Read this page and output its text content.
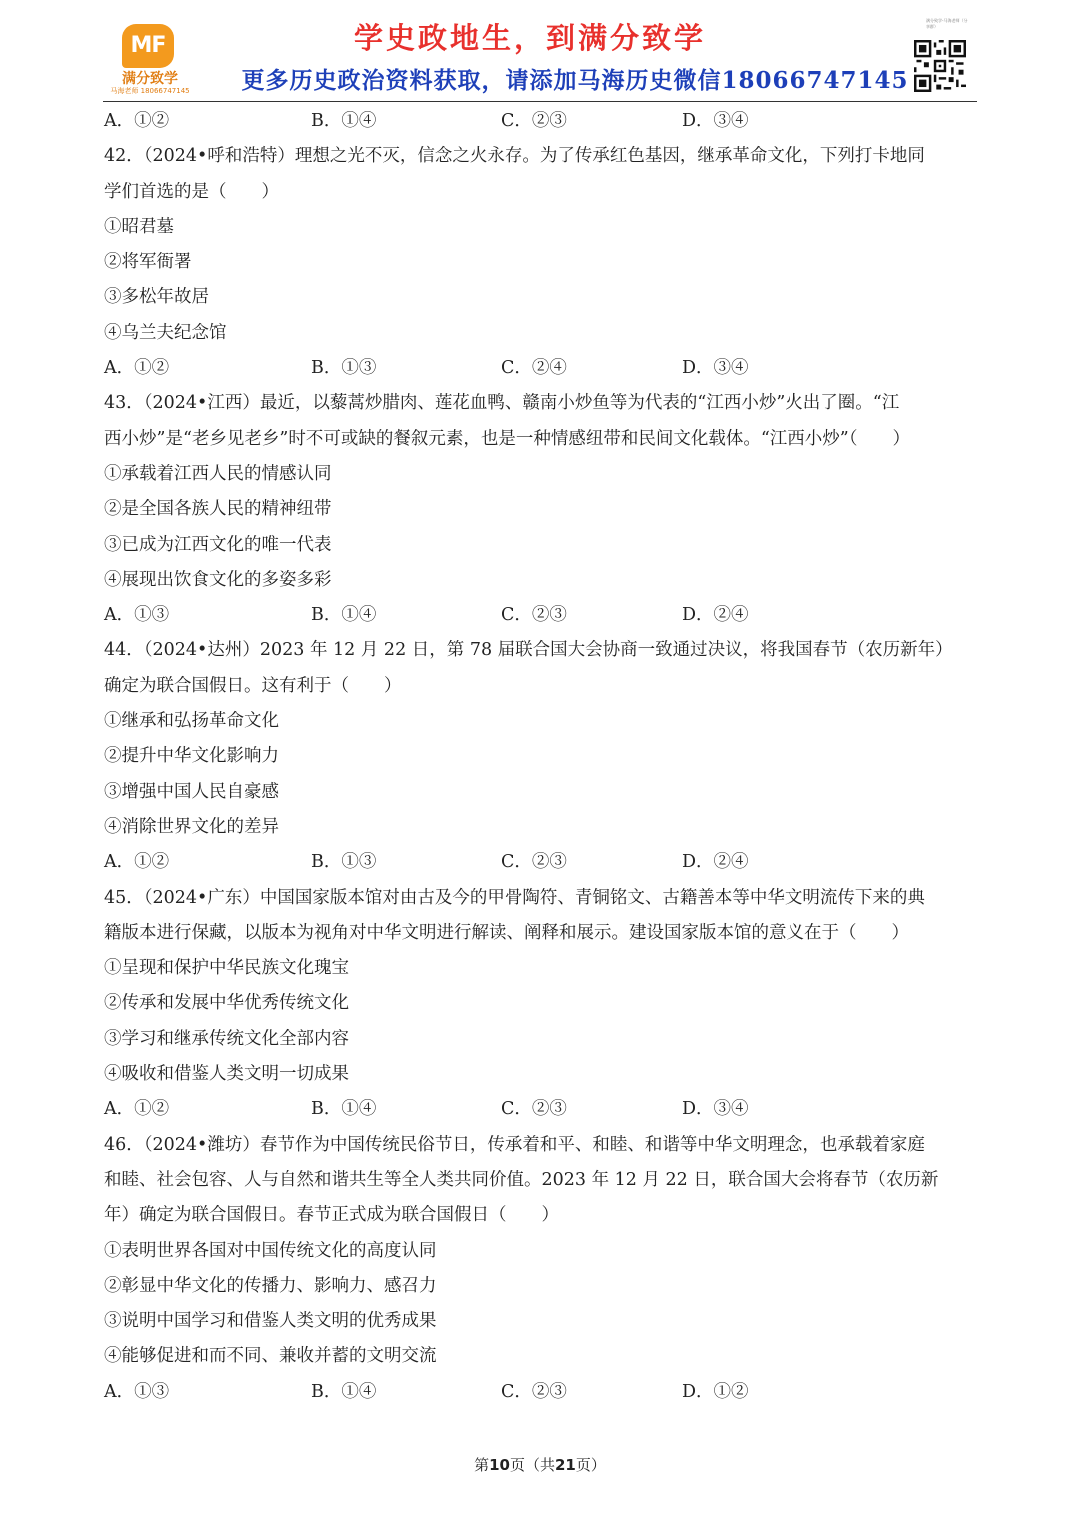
MF
满分致学
马海老师 18066747145
学史政地生，到满分致学
更多历史政治资料获取，请添加马海历史微信18066747145
满分致学-马海老师（分享群）
A．①②	B．①④	C．②③	D．③④
42．（2024•呼和浩特）理想之光不灭，信念之火永存。为了传承红色基因，继承革命文化，下列打卡地同
学们首选的是（　　）
①昭君墓
②将军衙署
③多松年故居
④乌兰夫纪念馆
A．①②	B．①③	C．②④	D．③④
43．（2024•江西）最近，以藜蒿炒腊肉、莲花血鸭、赣南小炒鱼等为代表的“江西小炒”火出了圈。“江
西小炒”是“老乡见老乡”时不可或缺的餐叙元素，也是一种情感纽带和民间文化载体。“江西小炒”（　　）
①承载着江西人民的情感认同
②是全国各族人民的精神纽带
③已成为江西文化的唯一代表
④展现出饮食文化的多姿多彩
A．①③	B．①④	C．②③	D．②④
44．（2024•达州）2023 年 12 月 22 日，第 78 届联合国大会协商一致通过决议，将我国春节（农历新年）
确定为联合国假日。这有利于（　　）
①继承和弘扬革命文化
②提升中华文化影响力
③增强中国人民自豪感
④消除世界文化的差异
A．①②	B．①③	C．②③	D．②④
45．（2024•广东）中国国家版本馆对由古及今的甲骨陶符、青铜铭文、古籍善本等中华文明流传下来的典
籍版本进行保藏，以版本为视角对中华文明进行解读、阐释和展示。建设国家版本馆的意义在于（　　）
①呈现和保护中华民族文化瑰宝
②传承和发展中华优秀传统文化
③学习和继承传统文化全部内容
④吸收和借鉴人类文明一切成果
A．①②	B．①④	C．②③	D．③④
46．（2024•潍坊）春节作为中国传统民俗节日，传承着和平、和睦、和谐等中华文明理念，也承载着家庭
和睦、社会包容、人与自然和谐共生等全人类共同价值。2023 年 12 月 22 日，联合国大会将春节（农历新
年）确定为联合国假日。春节正式成为联合国假日（　　）
①表明世界各国对中国传统文化的高度认同
②彰显中华文化的传播力、影响力、感召力
③说明中国学习和借鉴人类文明的优秀成果
④能够促进和而不同、兼收并蓄的文明交流
A．①③	B．①④	C．②③	D．①②
第10页（共21页）
